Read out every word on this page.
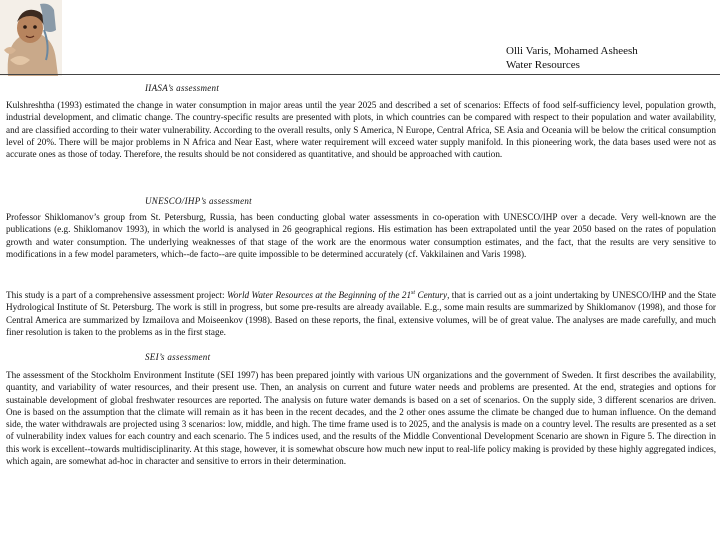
Olli Varis, Mohamed Asheesh
Water Resources
IIASA’s assessment

Kulshreshtha (1993) estimated the change in water consumption in major areas until the year 2025 and described a set of scenarios: Effects of food self-sufficiency level, population growth, industrial development, and climatic change. The country-specific results are presented with plots, in which countries can be compared with respect to their population and water availability, and are classified according to their water vulnerability. According to the overall results, only S America, N Europe, Central Africa, SE Asia and Oceania will be below the critical consumption level of 20%. There will be major problems in N Africa and Near East, where water requirement will exceed water supply manifold. In this pioneering work, the data bases used were not as accurate ones as those of today. Therefore, the results should be not considered as quantitative, and should be approached with caution.

UNESCO/IHP’s assessment

Professor Shiklomanov’s group from St. Petersburg, Russia, has been conducting global water assessments in co-operation with UNESCO/IHP over a decade. Very well-known are the publications (e.g. Shiklomanov 1993), in which the world is analysed in 26 geographical regions. His estimation has been extrapolated until the year 2050 based on the rates of population growth and water consumption. The underlying weaknesses of that stage of the work are the enormous water consumption estimates, and the fact, that the results are very sensitive to modifications in a few model parameters, which--de facto--are quite impossible to be determined accurately (cf. Vakkilainen and Varis 1998).

This study is a part of a comprehensive assessment project: World Water Resources at the Beginning of the 21st Century, that is carried out as a joint undertaking by UNESCO/IHP and the State Hydrological Institute of St. Petersburg. The work is still in progress, but some pre-results are already available. E.g., some main results are summarized by Shiklomanov (1998), and those for Central America are summarized by Izmailova and Moiseenkov (1998). Based on these reports, the final, extensive volumes, will be of great value. The analyses are made carefully, and much finer resolution is taken to the problems as in the first stage.

SEI’s assessment

The assessment of the Stockholm Environment Institute (SEI 1997) has been prepared jointly with various UN organizations and the government of Sweden. It first describes the availability, quantity, and variability of water resources, and their present use. Then, an analysis on current and future water needs and problems are presented. At the end, strategies and options for sustainable development of global freshwater resources are reported. The analysis on future water demands is based on a set of scenarios. On the supply side, 3 different scenarios are driven. One is based on the assumption that the climate will remain as it has been in the recent decades, and the 2 other ones assume the climate be changed due to human influence. On the demand side, the water withdrawals are projected using 3 scenarios: low, middle, and high. The time frame used is to 2025, and the analysis is made on a country level. The results are presented as a set of vulnerability index values for each country and each scenario. The 5 indices used, and the results of the Middle Conventional Development Scenario are shown in Figure 5. The direction in this work is excellent--towards multidisciplinarity. At this stage, however, it is somewhat obscure how much new input to real-life policy making is provided by these highly aggregated indices, which again, are somewhat ad-hoc in character and sensitive to errors in their determination.
